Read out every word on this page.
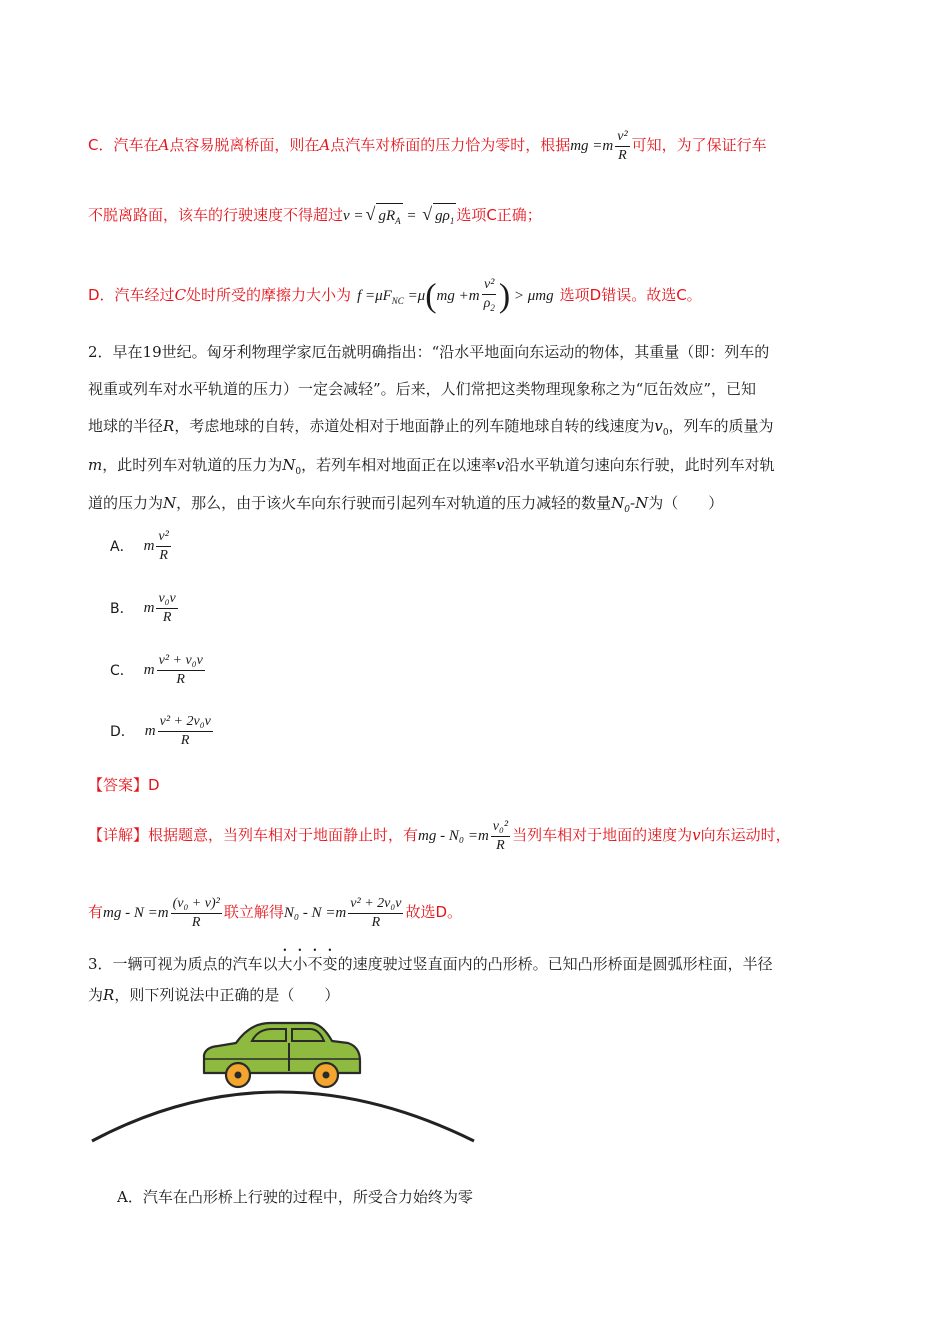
C．汽车在A点容易脱离桥面，则在A点汽车对桥面的压力恰为零时，根据mg $=m \frac{\text{v²}}{R}$ 可知，为了保证行车
不脱离路面，该车的行驶速度不得超过v = √ $gR_A$ = √ $g\rho_1$ 选项C正确；
D．汽车经过C处时所受的摩擦力大小为 $f =\mu F_{NC} =\mu(mg +m \frac{\text{v²}}{\rho_2}$ ) > μmg 选项D错误。故选C。
2．早在19世纪。匈牙利物理学家厄缶就明确指出：“沿水平地面向东运动的物体，其重量（即：列车的
视重或列车对水平轨道的压力）一定会减轻”。后来，人们常把这类物理现象称之为“厄缶效应”，已知
地球的半径R，考虑地球的自转，赤道处相对于地面静止的列车随地球自转的线速度为$v_0$，列车的质量为
m，此时列车对轨道的压力为$N_0$，若列车相对地面正在以速率v沿水平轨道匀速向东行驶，此时列车对轨
道的压力为N，那么，由于该火车向东行驶而引起列车对轨道的压力减轻的数量$N_0-N$为（　　）
A． m $\frac{\text{v²}}{R}$
B． m $\frac{\text{v₀v}}{R}$
C． m $\frac{\text{v² + v₀v}}{R}$
D． m $\frac{\text{v² + 2v₀v}}{R}$
【答案】D
【详解】根据题意，当列车相对于地面静止时，有mg - $N_0 =m \frac{\text{v₀²}}{R}$ 当列车相对于地面的速度为v向东运动时，
有mg - $N =m \frac{\text{(v₀ + v)²}}{R}$ 联立解得$N_0 - N =m \frac{\text{v² + 2v₀v}}{R}$ 故选D。
3．一辆可视为质点的汽车以大小不变的速度驶过竖直面内的凸形桥。已知凸形桥面是圆弧形柱面，半径
为R，则下列说法中正确的是（　　）
A．汽车在凸形桥上行驶的过程中，所受合力始终为零
